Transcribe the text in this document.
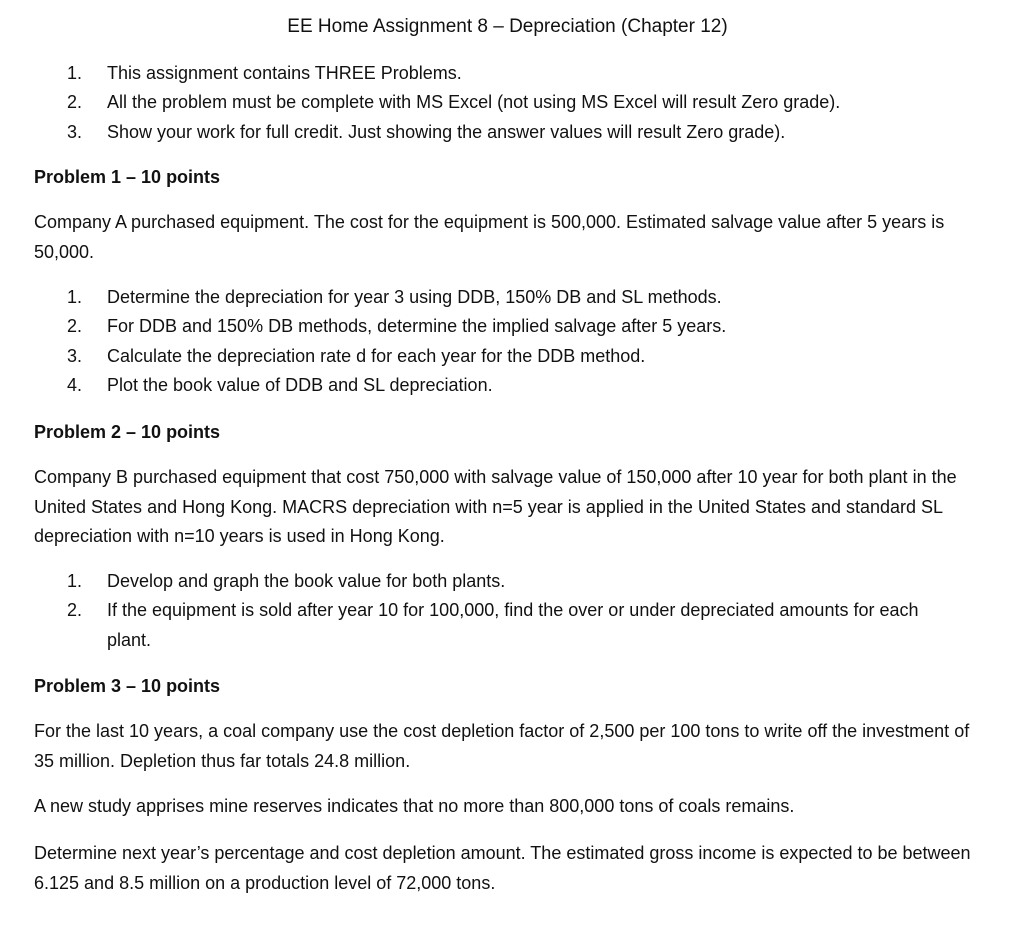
EE Home Assignment 8 – Depreciation (Chapter 12)
1.	This assignment contains THREE Problems.
2.	All the problem must be complete with MS Excel (not using MS Excel will result Zero grade).
3.	Show your work for full credit. Just showing the answer values will result Zero grade).
Problem 1 – 10 points

Company A purchased equipment. The cost for the equipment is 500,000. Estimated salvage value after 5 years is 50,000.

1.	Determine the depreciation for year 3 using DDB, 150% DB and SL methods.
2.	For DDB and 150% DB methods, determine the implied salvage after 5 years.
3.	Calculate the depreciation rate d for each year for the DDB method.
4.	Plot the book value of DDB and SL depreciation.
Problem 2 – 10 points

Company B purchased equipment that cost 750,000 with salvage value of 150,000 after 10 year for both plant in the United States and Hong Kong. MACRS depreciation with n=5 year is applied in the United States and standard SL depreciation with n=10 years is used in Hong Kong.

1.	Develop and graph the book value for both plants.
2.	If the equipment is sold after year 10 for 100,000, find the over or under depreciated amounts for each plant.
Problem 3 – 10 points

For the last 10 years, a coal company use the cost depletion factor of 2,500 per 100 tons to write off the investment of 35 million. Depletion thus far totals 24.8 million.

A new study apprises mine reserves indicates that no more than 800,000 tons of coals remains.

Determine next year’s percentage and cost depletion amount. The estimated gross income is expected to be between 6.125 and 8.5 million on a production level of 72,000 tons.
